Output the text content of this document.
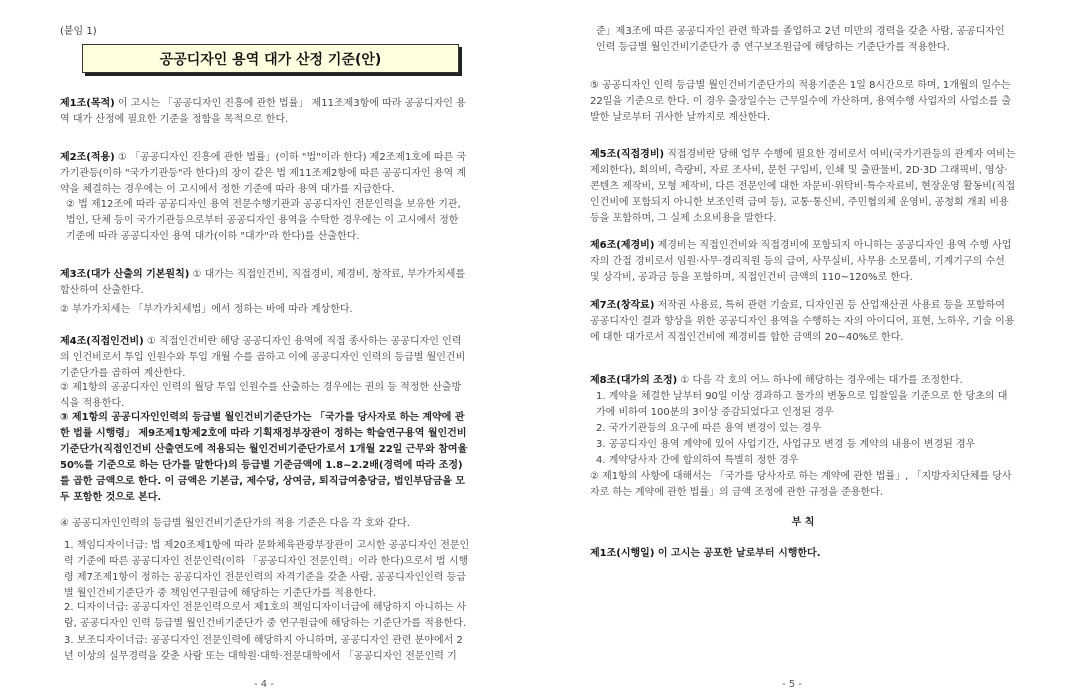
(붙임 1)
공공디자인 용역 대가 산정 기준(안)

제1조(목적) 이 고시는 「공공디자인 진흥에 관한 법률」 제11조제3항에 따라 공공디자인 용역 대가 산정에 필요한 기준을 정함을 목적으로 한다.

제2조(적용) ① 「공공디자인 진흥에 관한 법률」(이하 "법"이라 한다) 제2조제1호에 따른 국가기관등(이하 "국가기관등"라 한다)의 장이 같은 법 제11조제2항에 따른 공공디자인 용역 계약을 체결하는 경우에는 이 고시에서 정한 기준에 따라 용역 대가를 지급한다.

② 법 제12조에 따라 공공디자인 용역 전문수행기관과 공공디자인 전문인력을 보유한 기관, 법인, 단체 등이 국가기관등으로부터 공공디자인 용역을 수탁한 경우에는 이 고시에서 정한 기준에 따라 공공디자인 용역 대가(이하 "대가"라 한다)를 산출한다.

제3조(대가 산출의 기본원칙) ① 대가는 직접인건비, 직접경비, 제경비, 창작료, 부가가치세를 합산하여 산출한다.

② 부가가치세는 「부가가치세법」에서 정하는 바에 따라 계상한다.

제4조(직접인건비) ① 직접인건비란 해당 공공디자인 용역에 직접 종사하는 공공디자인 인력의 인건비로서 투입 인원수와 투입 개월 수를 곱하고 이에 공공디자인 인력의 등급별 월인건비기준단가를 곱하여 계산한다.

② 제1항의 공공디자인 인력의 월당 투입 인원수를 산출하는 경우에는 권의 등 적정한 산출방식을 적용한다.

③ 제1항의 공공디자인인력의 등급별 월인건비기준단가는 「국가를 당사자로 하는 계약에 관한 법률 시행령」 제9조제1항제2호에 따라 기획재정부장관이 정하는 학술연구용역 월인건비기준단가(직접인건비 산출연도에 적용되는 월인건비기준단가로서 1개월 22일 근무와 참여율 50%를 기준으로 하는 단가를 말한다)의 등급별 기준금액에 1.8~2.2배(경력에 따라 조정)를 곱한 금액으로 한다. 이 금액은 기본급, 제수당, 상여금, 퇴직급여충당금, 법인부담금을 모두 포함한 것으로 본다.

④ 공공디자인인력의 등급별 월인건비기준단가의 적용 기준은 다음 각 호와 같다.

1. 책임디자이너급: 법 제20조제1항에 따라 문화체육관광부장관이 고시한 공공디자인 전문인력 기준에 따른 공공디자인 전문인력(이하 「공공디자인 전문인력」이라 한다)으로서 법 시행령 제7조제1항이 정하는 공공디자인 전문인력의 자격기준을 갖춘 사람, 공공디자인인력 등급별 월인건비기준단가 중 책임연구원급에 해당하는 기준단가를 적용한다.

2. 디자이너급: 공공디자인 전문인력으로서 제1호의 책임디자이너급에 해당하지 아니하는 사람, 공공디자인 인력 등급별 월인건비기준단가 중 연구원급에 해당하는 기준단가를 적용한다.

3. 보조디자이너급: 공공디자인 전문인력에 해당하지 아니하며, 공공디자인 관련 분야에서 2년 이상의 실무경력을 갖춘 사람 또는 대학원·대학·전문대학에서 「공공디자인 전문인력 기

- 4 -

준」제3조에 따른 공공디자인 관련 학과를 졸업하고 2년 미만의 경력을 갖춘 사람, 공공디자인 인력 등급별 월인건비기준단가 중 연구보조원급에 해당하는 기준단가를 적용한다.

⑤ 공공디자인 인력 등급별 월인건비기준단가의 적용기준은 1일 8시간으로 하며, 1개월의 일수는 22일을 기준으로 한다. 이 경우 출장일수는 근무일수에 가산하며, 용역수행 사업자의 사업소를 출발한 날로부터 귀사한 날까지로 계산한다.

제5조(직접경비) 직접경비란 당해 업무 수행에 필요한 경비로서 여비(국가기관등의 관계자 여비는 제외한다), 회의비, 측량비, 자료 조사비, 문헌 구입비, 인쇄 및 출판물비, 2D·3D 그래픽비, 영상·콘텐츠 제작비, 모형 제작비, 다른 전문인에 대한 자문비·위탁비·특수자료비, 현장운영 활동비(직접인건비에 포함되지 아니한 보조인력 급여 등), 교통·통신비, 주민협의체 운영비, 공청회 개최 비용 등을 포함하며, 그 실제 소요비용을 말한다.

제6조(제경비) 제경비는 직접인건비와 직접경비에 포함되지 아니하는 공공디자인 용역 수행 사업자의 간접 경비로서 임원·사무·경리직원 등의 급여, 사무실비, 사무용 소모품비, 기계기구의 수선 및 상각비, 공과금 등을 포함하며, 직접인건비 금액의 110~120%로 한다.

제7조(창작료) 저작권 사용료, 특허 관련 기술료, 디자인권 등 산업재산권 사용료 등을 포함하여 공공디자인 결과 향상을 위한 공공디자인 용역을 수행하는 자의 아이디어, 표현, 노하우, 기술 이용에 대한 대가로서 직접인건비에 제경비를 합한 금액의 20~40%로 한다.

제8조(대가의 조정) ① 다음 각 호의 어느 하나에 해당하는 경우에는 대가를 조정한다.

1. 계약을 체결한 날부터 90일 이상 경과하고 물가의 변동으로 입찰일을 기준으로 한 당초의 대가에 비하여 100분의 3이상 증감되었다고 인정된 경우

2. 국가기관등의 요구에 따른 용역 변경이 있는 경우

3. 공공디자인 용역 계약에 있어 사업기간, 사업규모 변경 등 계약의 내용이 변경된 경우

4. 계약당사자 간에 합의하여 특별히 정한 경우

② 제1항의 사항에 대해서는 「국가를 당사자로 하는 계약에 관한 법률」, 「지방자치단체를 당사자로 하는 계약에 관한 법률」의 금액 조정에 관한 규정을 준용한다.

부 칙

제1조(시행일) 이 고시는 공포한 날로부터 시행한다.

- 5 -
